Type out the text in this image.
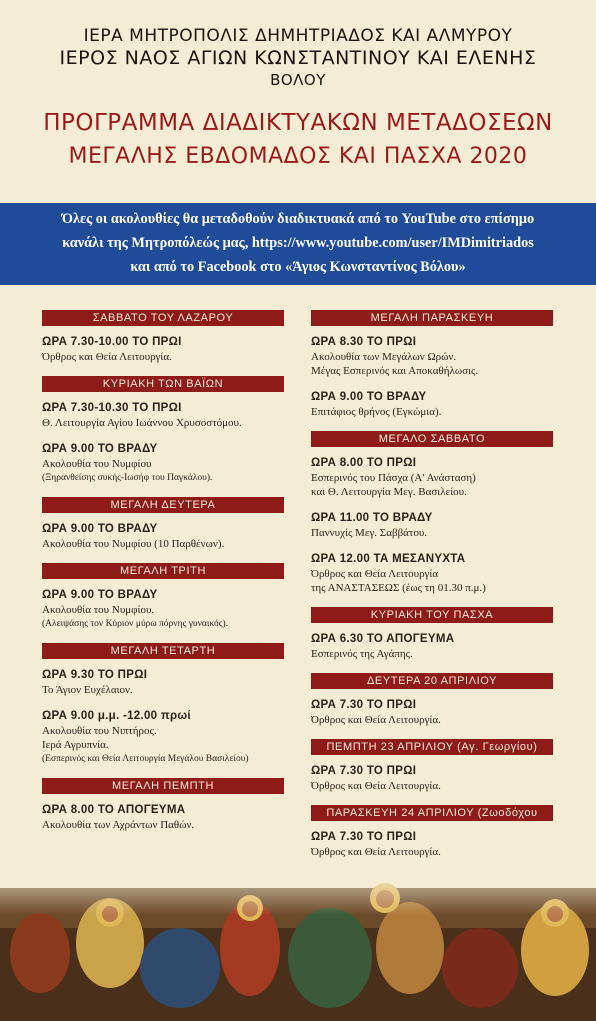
ΙΕΡΑ ΜΗΤΡΟΠΟΛΙΣ ΔΗΜΗΤΡΙΑΔΟΣ ΚΑΙ ΑΛΜΥΡΟΥ
ΙΕΡΟΣ ΝΑΟΣ ΑΓΙΩΝ ΚΩΝΣΤΑΝΤΙΝΟΥ ΚΑΙ ΕΛΕΝΗΣ
ΒΟΛΟΥ
ΠΡΟΓΡΑΜΜΑ ΔΙΑΔΙΚΤΥΑΚΩΝ ΜΕΤΑΔΟΣΕΩΝ
ΜΕΓΑΛΗΣ ΕΒΔΟΜΑΔΟΣ ΚΑΙ ΠΑΣΧΑ 2020
Όλες οι ακολουθίες θα μεταδοθούν διαδικτυακά από το YouTube στο επίσημο
κανάλι της Μητροπόλεώς μας, https://www.youtube.com/user/IMDimitriados
και από το Facebook στο «Άγιος Κωνσταντίνος Βόλου»
ΣΑΒΒΑΤΟ ΤΟΥ ΛΑΖΑΡΟΥ
ΩΡΑ 7.30-10.00 ΤΟ ΠΡΩΙ
Όρθρος και Θεία Λειτουργία.
ΚΥΡΙΑΚΗ ΤΩΝ ΒΑΪΩΝ
ΩΡΑ 7.30-10.30 ΤΟ ΠΡΩΙ
Θ. Λειτουργία Αγίου Ιωάννου Χρυσοστόμου.
ΩΡΑ 9.00 ΤΟ ΒΡΑΔΥ
Ακολουθία του Νυμφίου
(Ξηρανθείσης συκής-Ιωσήφ του Παγκάλου).
ΜΕΓΑΛΗ ΔΕΥΤΕΡΑ
ΩΡΑ 9.00 ΤΟ ΒΡΑΔΥ
Ακολουθία του Νυμφίου (10 Παρθένων).
ΜΕΓΑΛΗ ΤΡΙΤΗ
ΩΡΑ 9.00 ΤΟ ΒΡΑΔΥ
Ακολουθία του Νυμφίου.
(Αλειψάσης τον Κύριον μύρω πόρνης γυναικός).
ΜΕΓΑΛΗ ΤΕΤΑΡΤΗ
ΩΡΑ 9.30 ΤΟ ΠΡΩΙ
Το Άγιον Ευχέλαιον.
ΩΡΑ 9.00 μ.μ. -12.00 πρωί
Ακολουθία του Νιπτήρος.
Ιερά Αγρυπνία.
(Εσπερινός και Θεία Λειτουργία Μεγάλου Βασιλείου)
ΜΕΓΑΛΗ ΠΕΜΠΤΗ
ΩΡΑ 8.00 ΤΟ ΑΠΟΓΕΥΜΑ
Ακολουθία των Αχράντων Παθών.
ΜΕΓΑΛΗ ΠΑΡΑΣΚΕΥΗ
ΩΡΑ 8.30 ΤΟ ΠΡΩΙ
Ακολουθία των Μεγάλων Ωρών.
Μέγας Εσπερινός και Αποκαθήλωσις.
ΩΡΑ 9.00 ΤΟ ΒΡΑΔΥ
Επιτάφιος θρήνος (Εγκώμια).
ΜΕΓΑΛΟ ΣΑΒΒΑΤΟ
ΩΡΑ 8.00 ΤΟ ΠΡΩΙ
Εσπερινός του Πάσχα (Α' Ανάσταση)
και Θ. Λειτουργία Μεγ. Βασιλείου.
ΩΡΑ 11.00 ΤΟ ΒΡΑΔΥ
Παννυχίς Μεγ. Σαββάτου.
ΩΡΑ 12.00 ΤΑ ΜΕΣΑΝΥΧΤΑ
Όρθρος και Θεία Λειτουργία
της ΑΝΑΣΤΑΣΕΩΣ (έως τη 01.30 π.μ.)
ΚΥΡΙΑΚΗ ΤΟΥ ΠΑΣΧΑ
ΩΡΑ 6.30 ΤΟ ΑΠΟΓΕΥΜΑ
Εσπερινός της Αγάπης.
ΔΕΥΤΕΡΑ 20 ΑΠΡΙΛΙΟΥ
ΩΡΑ 7.30 ΤΟ ΠΡΩΙ
Όρθρος και Θεία Λειτουργία.
ΠΕΜΠΤΗ 23 ΑΠΡΙΛΙΟΥ (Αγ. Γεωργίου)
ΩΡΑ 7.30 ΤΟ ΠΡΩΙ
Όρθρος και Θεία Λειτουργία.
ΠΑΡΑΣΚΕΥΗ 24 ΑΠΡΙΛΙΟΥ (Ζωοδόχου Πηγής)
ΩΡΑ 7.30 ΤΟ ΠΡΩΙ
Όρθρος και Θεία Λειτουργία.
